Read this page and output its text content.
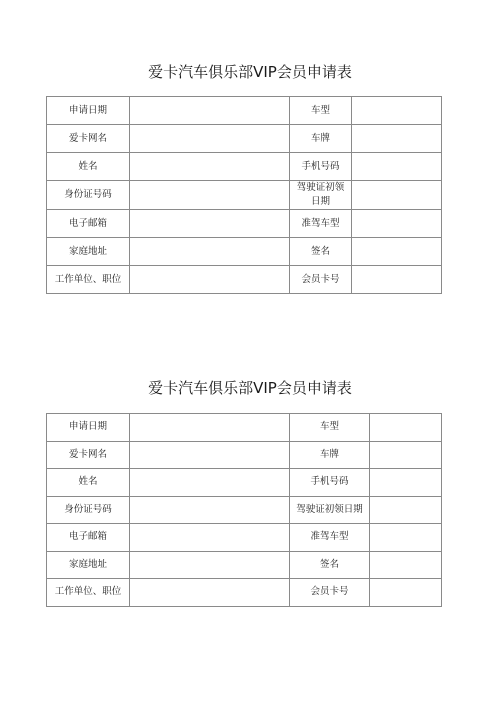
爱卡汽车俱乐部VIP会员申请表
申请日期		车型	
爱卡网名		车牌	
姓名		手机号码	
身份证号码		驾驶证初领日期	
电子邮箱		准驾车型	
家庭地址		签名	
工作单位、职位		会员卡号	
爱卡汽车俱乐部VIP会员申请表
申请日期		车型	
爱卡网名		车牌	
姓名		手机号码	
身份证号码		驾驶证初领日期	
电子邮箱		准驾车型	
家庭地址		签名	
工作单位、职位		会员卡号	
